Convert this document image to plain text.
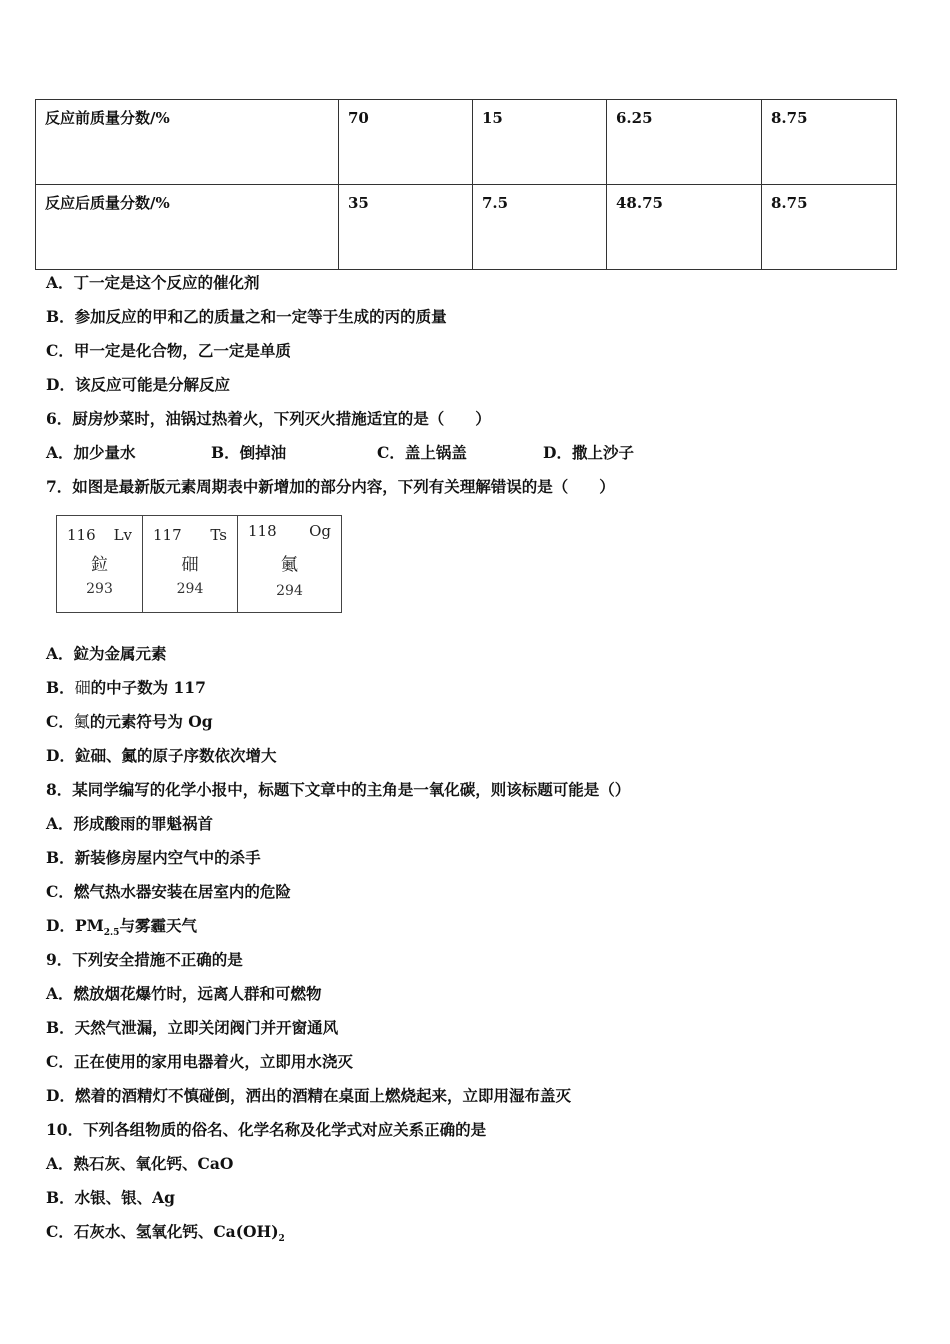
反应前质量分数/%	70	15	6.25	8.75
反应后质量分数/%	35	7.5	48.75	8.75
A．丁一定是这个反应的催化剂
B．参加反应的甲和乙的质量之和一定等于生成的丙的质量
C．甲一定是化合物，乙一定是单质
D．该反应可能是分解反应
6．厨房炒菜时，油锅过热着火，下列灭火措施适宜的是（　　）
A．加少量水	B．倒掉油	C．盖上锅盖	D．撒上沙子
7．如图是最新版元素周期表中新增加的部分内容，下列有关理解错误的是（　　）
116 Lv
鉝
293

117 Ts
鿬
294

118 Og
鿫
294
A．鉝为金属元素
B．鿬的中子数为 117
C．鿫的元素符号为 Og
D．鉝鿬、鿫的原子序数依次增大
8．某同学编写的化学小报中，标题下文章中的主角是一氧化碳，则该标题可能是（）
A．形成酸雨的罪魁祸首
B．新装修房屋内空气中的杀手
C．燃气热水器安装在居室内的危险
D．$PM_{2.5}$与雾霾天气
9．下列安全措施不正确的是
A．燃放烟花爆竹时，远离人群和可燃物
B．天然气泄漏，立即关闭阀门并开窗通风
C．正在使用的家用电器着火，立即用水浇灭
D．燃着的酒精灯不慎碰倒，洒出的酒精在桌面上燃烧起来，立即用湿布盖灭
10．下列各组物质的俗名、化学名称及化学式对应关系正确的是
A．熟石灰、氧化钙、CaO
B．水银、银、Ag
C．石灰水、氢氧化钙、$Ca(OH)_2$
